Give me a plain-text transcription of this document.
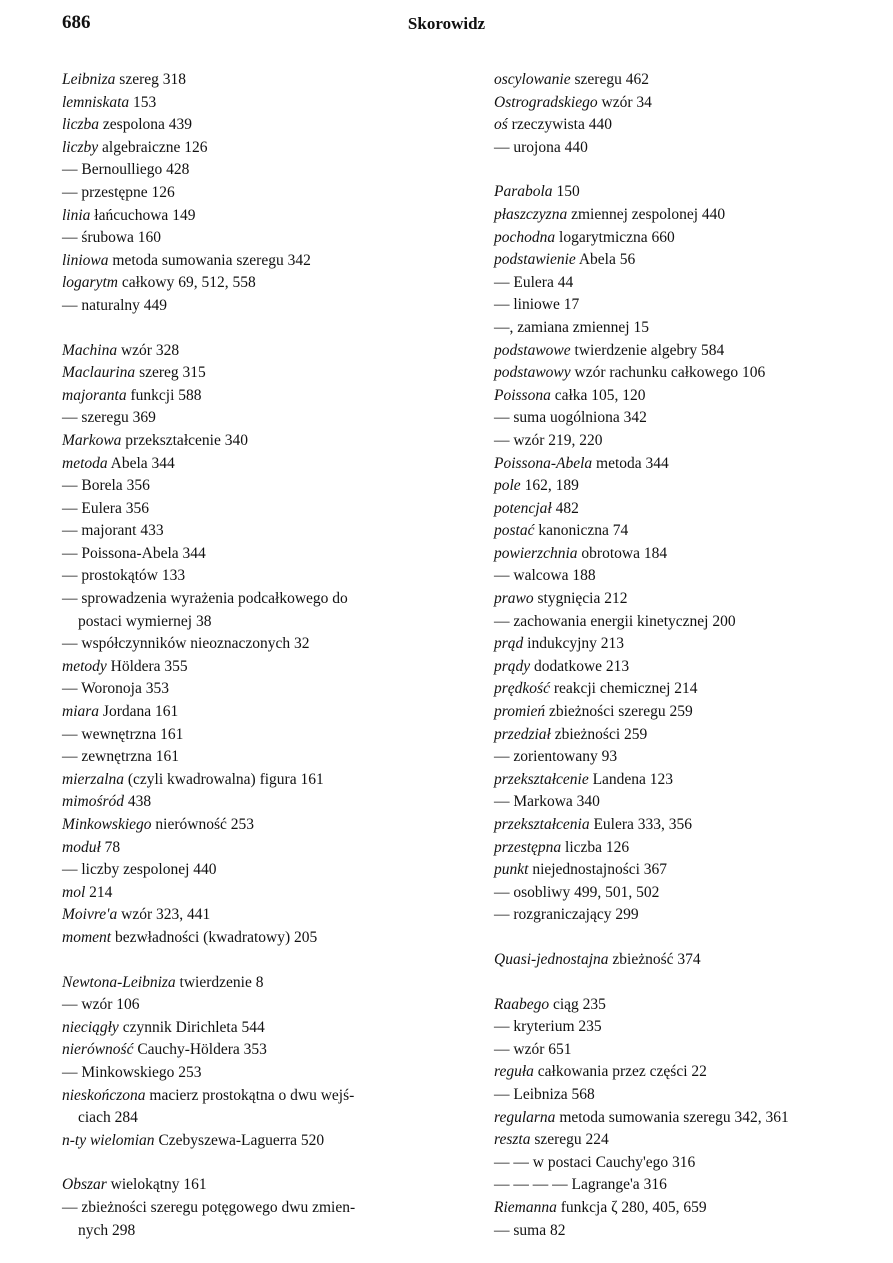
686	Skorowidz
Leibniza szereg 318
lemniskata 153
liczba zespolona 439
liczby algebraiczne 126
— Bernoulliego 428
— przestępne 126
linia łańcuchowa 149
— śrubowa 160
liniowa metoda sumowania szeregu 342
logarytm całkowy 69, 512, 558
— naturalny 449
Machina wzór 328
Maclaurina szereg 315
majoranta funkcji 588
— szeregu 369
Markowa przekształcenie 340
metoda Abela 344
— Borela 356
— Eulera 356
— majorant 433
— Poissona-Abela 344
— prostokątów 133
— sprowadzenia wyrażenia podcałkowego do
postaci wymiernej 38
— współczynników nieoznaczonych 32
metody Höldera 355
— Woronoja 353
miara Jordana 161
— wewnętrzna 161
— zewnętrzna 161
mierzalna (czyli kwadrowalna) figura 161
mimośród 438
Minkowskiego nierówność 253
moduł 78
— liczby zespolonej 440
mol 214
Moivre'a wzór 323, 441
moment bezwładności (kwadratowy) 205
Newtona-Leibniza twierdzenie 8
— wzór 106
nieciągły czynnik Dirichleta 544
nierówność Cauchy-Höldera 353
— Minkowskiego 253
nieskończona macierz prostokątna o dwu wejś-
ciach 284
n-ty wielomian Czebyszewa-Laguerra 520
Obszar wielokątny 161
— zbieżności szeregu potęgowego dwu zmien-
nych 298
oscylowanie szeregu 462
Ostrogradskiego wzór 34
oś rzeczywista 440
— urojona 440
Parabola 150
płaszczyzna zmiennej zespolonej 440
pochodna logarytmiczna 660
podstawienie Abela 56
— Eulera 44
— liniowe 17
—, zamiana zmiennej 15
podstawowe twierdzenie algebry 584
podstawowy wzór rachunku całkowego 106
Poissona całka 105, 120
— suma uogólniona 342
— wzór 219, 220
Poissona-Abela metoda 344
pole 162, 189
potencjał 482
postać kanoniczna 74
powierzchnia obrotowa 184
— walcowa 188
prawo stygnięcia 212
— zachowania energii kinetycznej 200
prąd indukcyjny 213
prądy dodatkowe 213
prędkość reakcji chemicznej 214
promień zbieżności szeregu 259
przedział zbieżności 259
— zorientowany 93
przekształcenie Landena 123
— Markowa 340
przekształcenia Eulera 333, 356
przestępna liczba 126
punkt niejednostajności 367
— osobliwy 499, 501, 502
— rozgraniczający 299
Quasi-jednostajna zbieżność 374
Raabego ciąg 235
— kryterium 235
— wzór 651
reguła całkowania przez części 22
— Leibniza 568
regularna metoda sumowania szeregu 342, 361
reszta szeregu 224
— — w postaci Cauchy'ego 316
— — — — Lagrange'a 316
Riemanna funkcja ζ 280, 405, 659
— suma 82
